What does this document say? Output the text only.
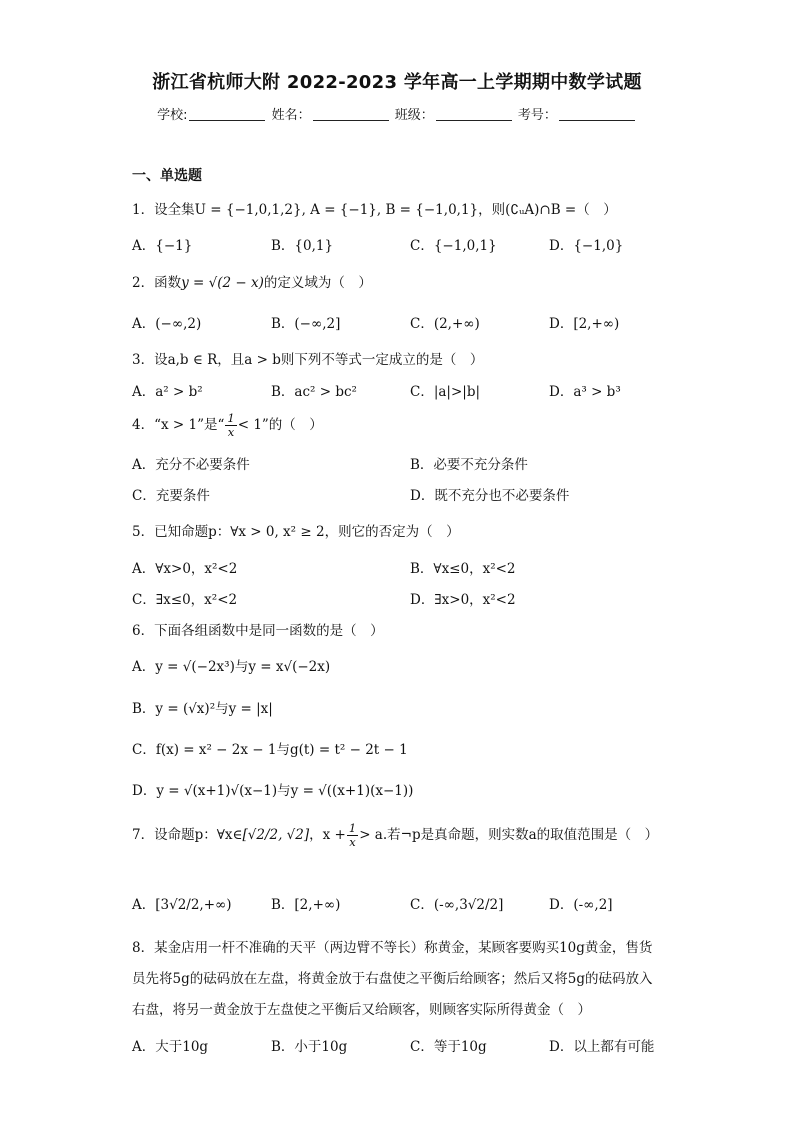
浙江省杭师大附 2022-2023 学年高一上学期期中数学试题
学校:	姓名：	班级：	考号：
一、单选题
1．设全集U = {−1,0,1,2}, A = {−1}, B = {−1,0,1}，则(∁ᵤA)∩B =（　）
A．{−1}	B．{0,1}	C．{−1,0,1}	D．{−1,0}
2．函数y = √(2 − x)的定义域为（　）
A．(−∞,2)	B．(−∞,2]	C．(2,+∞)	D．[2,+∞)
3．设a,b ∈ R，且a > b则下列不等式一定成立的是（　）
A．a² > b²	B．ac² > bc²	C．|a|>|b|	D．a³ > b³
4．“x > 1”是“ $\frac{1}{x} < 1$”的（　）
A．充分不必要条件	B．必要不充分条件
C．充要条件	D．既不充分也不必要条件
5．已知命题p：∀x > 0, x² ≥ 2，则它的否定为（　）
A．∀x>0，x²<2	B．∀x≤0，x²<2
C．∃x≤0，x²<2	D．∃x>0，x²<2
6．下面各组函数中是同一函数的是（　）
A．y = √(−2x³)与y = x√(−2x)
B．y = (√x)²与y = |x|
C．f(x) = x² − 2x − 1与g(t) = t² − 2t − 1
D．y = √(x+1)√(x−1)与y = √((x+1)(x−1))
7．设命题p：∀x∈[√2/2, √2]，$x + \frac{1}{x} > a$.若¬p是真命题，则实数a的取值范围是（　）
A．[3√2/2,+∞)	B．[2,+∞)	C．(-∞,3√2/2]	D．(-∞,2]
8．某金店用一杆不准确的天平（两边臂不等长）称黄金，某顾客要购买10g黄金，售货员先将5g的砝码放在左盘，将黄金放于右盘使之平衡后给顾客；然后又将5g的砝码放入右盘，将另一黄金放于左盘使之平衡后又给顾客，则顾客实际所得黄金（　）
A．大于10g	B．小于10g	C．等于10g	D．以上都有可能
